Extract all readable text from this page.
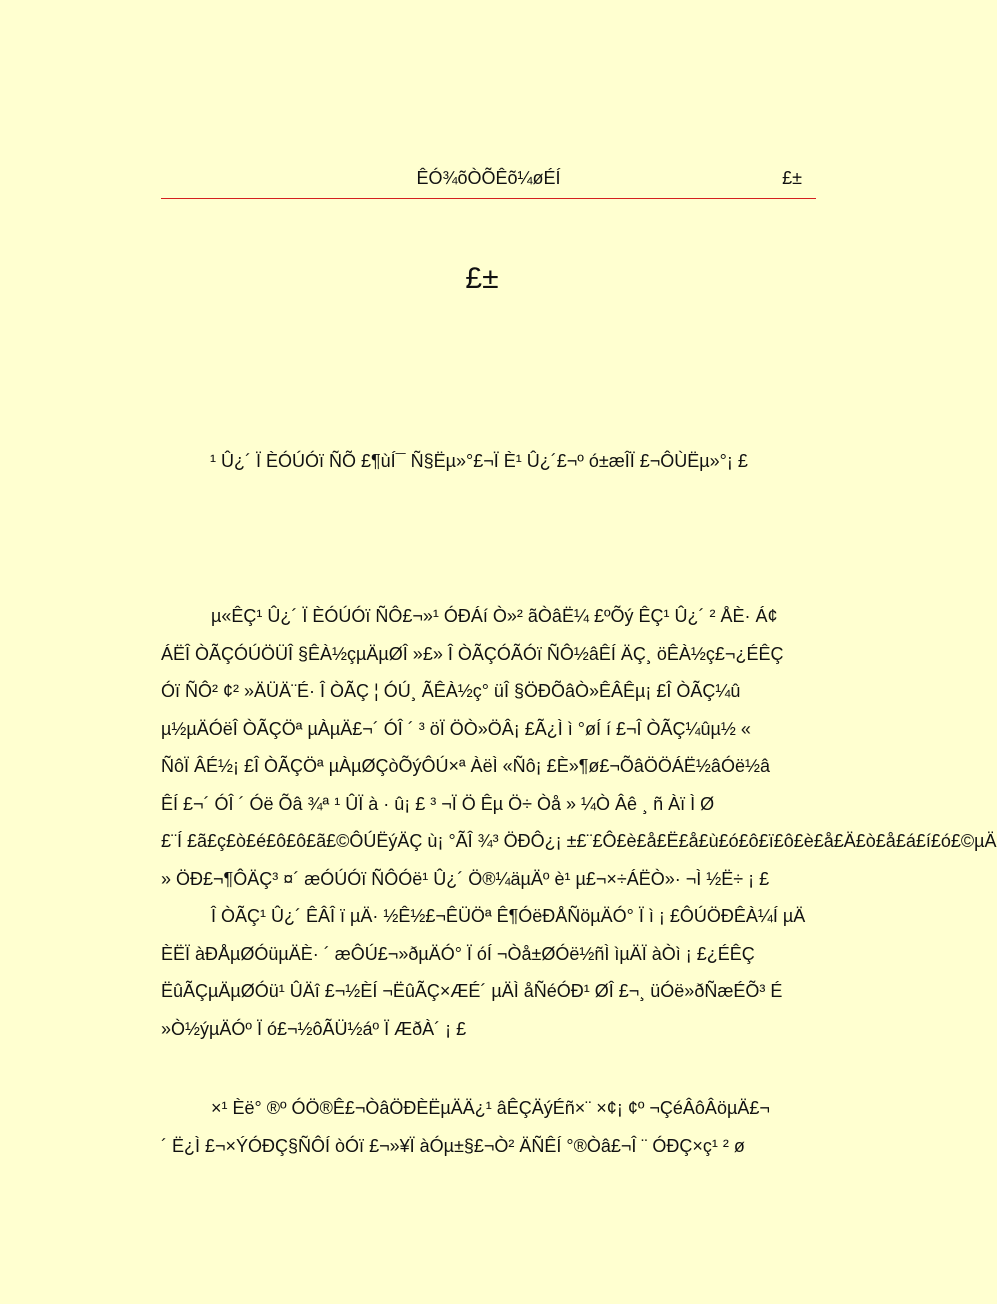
ÊÓ¾õÒÕÊõ¼øÉÍ	£±
£±
¹ Û¿´ Ï ÈÓÚÓï ÑÕ £¶ùÍ¯ Ñ§Ëµ»°£¬Ï È¹ Û¿´£¬º ó±æÎÏ £¬ÔÙËµ»°¡ £
µ«ÊÇ¹ Û¿´ Ï ÈÓÚÓï ÑÔ£¬»¹ ÓÐÁí Ò»² ãÒâË¼ £ºÕý ÊÇ¹ Û¿´ ² ÅÈ· Á¢
ÁËÎ ÒÃÇÓÚÖÜÎ §ÊÀ½çµÄµØÎ »£» Î ÒÃÇÓÃÓï ÑÔ½âÊÍ ÄÇ¸ öÊÀ½ç£¬¿ÉÊÇ
Óï ÑÔ² ¢² »ÄÜÄ¨É· Î ÒÃÇ ¦ ÓÚ¸ ÃÊÀ½ç° üÎ §ÖÐÕâÒ»ÊÂÊµ¡ £Î ÒÃÇ¼û
µ½µÄÓëÎ ÒÃÇÖª µÀµÄ£¬´ ÓÎ ´ ³ öÏ ÖÒ»ÖÂ¡ £Ã¿Ì ì °øÍ í £¬Î ÒÃÇ¼ûµ½ «
ÑôÏ ÂÉ½¡ £Î ÒÃÇÖª µÀµØÇòÕýÔÚ×ª ÀëÌ «Ñô¡ £È»¶ø£¬ÕâÖÖÁË½âÓë½â
ÊÍ £¬´ ÓÎ ´ Óë Õâ ¾ª ¹ ÛÏ à · û¡ £ ³ ¬Ï Ö Êµ Ö÷ Òå » ¼Ò Âê ¸ ñ Àï Ì Ø
£¨Í £ã£ç£ò£é£ô£ô£ã£©ÔÚËýÄÇ ù¡ °ÃÎ ¾³ ÖÐÔ¿¡ ±£¨£Ô£è£å£Ë£å£ù£ó£ô£ï£ô£è£å£Ä£ò£å£á£í£ó£©µÄ
» ÖÐ£¬¶ÔÄÇ³ ¤´ æÓÚÓï ÑÔÓë¹ Û¿´ Ö®¼äµÄº è¹ µ£¬×÷ÁËÒ»· ¬Ì ½Ë÷ ¡ £
Î ÒÃÇ¹ Û¿´ ÊÂÎ ï µÄ· ½Ê½£¬ÊÜÖª Ê¶ÓëÐÅÑöµÄÓ° Ï ì ¡ £ÔÚÖÐÊÀ¼Í µÄ
ÈËÏ àÐÅµØÓüµÄÈ· ´ æÔÚ£¬»ðµÄÓ° Ï óÍ ¬Òå±ØÓë½ñÌ ìµÄÏ àÒì ¡ £¿ÉÊÇ
ËûÃÇµÄµØÓü¹ ÛÄî £¬½ÈÍ ¬ËûÃÇ×ÆÉ´ µÄÌ åÑéÓÐ¹ ØÎ £¬¸ üÓë»ðÑæÉÕ³ É
»Ò½ýµÄÓº Ï ó£¬½ôÃÜ½áº Ï ÆðÀ´ ¡ £
×¹ Èë° ®º ÓÖ®Ê£¬ÒâÖÐÈËµÄÄ¿¹ âÊÇÄýÉñ×¨ ×¢¡ ¢º ¬ÇéÂôÂöµÄ£¬
´ Ë¿Ì £¬×ÝÓÐÇ§ÑÔÍ òÓï £¬»¥Ï àÓµ±§£¬Ò² ÄÑÊÍ °®Òâ£¬Î ¨ ÓÐÇ×ç¹ ² ø
